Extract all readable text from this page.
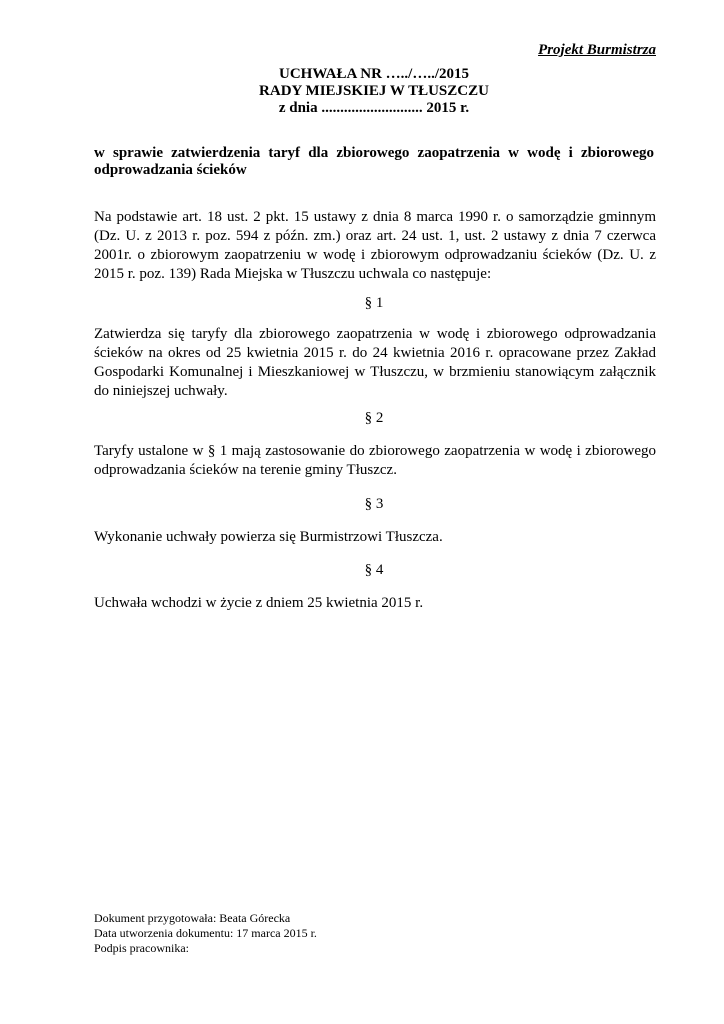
Projekt Burmistrza
UCHWAŁA NR …../…../2015
RADY MIEJSKIEJ W TŁUSZCZU
z dnia ........................... 2015 r.
w sprawie zatwierdzenia taryf dla zbiorowego zaopatrzenia w wodę i zbiorowego odprowadzania ścieków
Na podstawie art. 18 ust. 2 pkt. 15 ustawy z dnia 8 marca 1990 r. o samorządzie gminnym (Dz. U. z 2013 r. poz. 594 z późn. zm.) oraz art. 24 ust. 1, ust. 2 ustawy z dnia 7 czerwca 2001r. o zbiorowym zaopatrzeniu w wodę i zbiorowym odprowadzaniu ścieków (Dz. U. z 2015 r. poz. 139) Rada Miejska w Tłuszczu uchwala co następuje:
§ 1
Zatwierdza się taryfy dla zbiorowego zaopatrzenia w wodę i zbiorowego odprowadzania ścieków na okres od 25 kwietnia 2015 r. do 24 kwietnia 2016 r. opracowane przez Zakład Gospodarki Komunalnej i Mieszkaniowej w Tłuszczu, w brzmieniu stanowiącym załącznik do niniejszej uchwały.
§ 2
Taryfy ustalone w § 1 mają zastosowanie do zbiorowego zaopatrzenia w wodę i zbiorowego odprowadzania ścieków na terenie gminy Tłuszcz.
§ 3
Wykonanie uchwały powierza się Burmistrzowi Tłuszcza.
§ 4
Uchwała wchodzi w życie z dniem 25 kwietnia 2015 r.
Dokument przygotowała: Beata Górecka
Data utworzenia dokumentu: 17 marca 2015 r.
Podpis pracownika:
